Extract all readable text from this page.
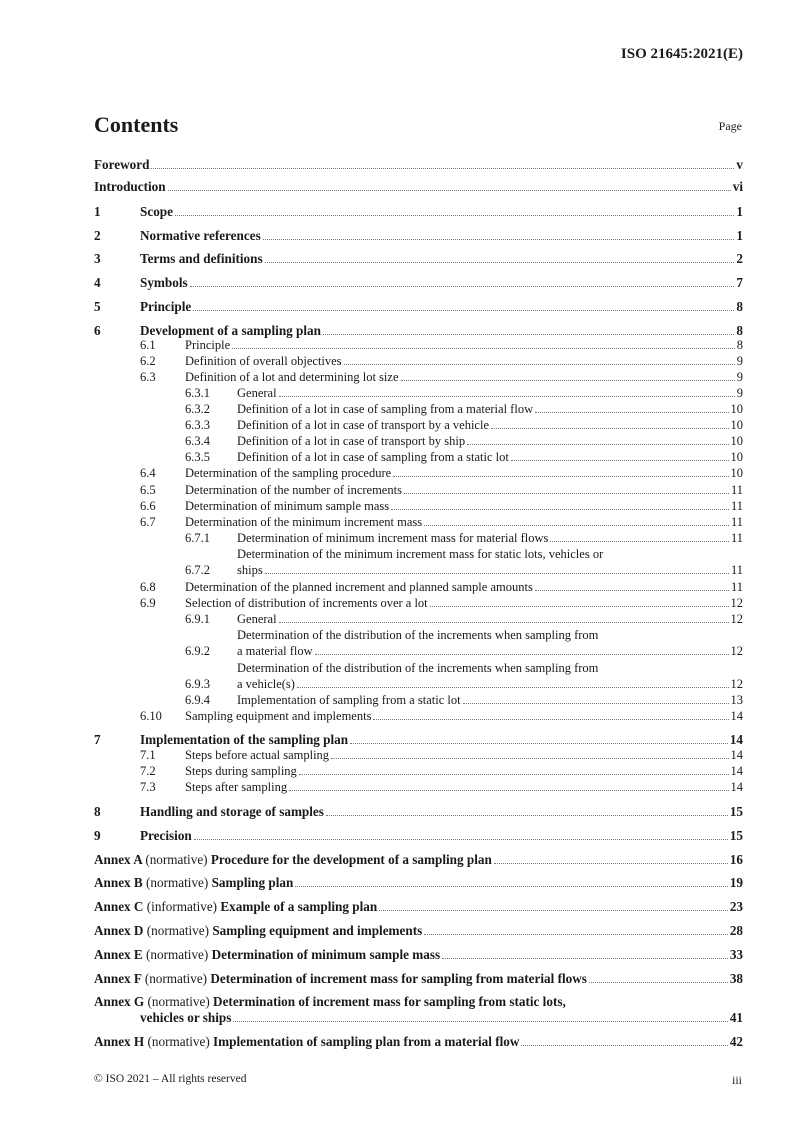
ISO 21645:2021(E)
Contents	Page
Foreword	v
Introduction	vi
1	Scope	1
2	Normative references	1
3	Terms and definitions	2
4	Symbols	7
5	Principle	8
6	Development of a sampling plan	8
6.1 Principle	8
6.2 Definition of overall objectives	9
6.3 Definition of a lot and determining lot size	9
6.3.1 General	9
6.3.2 Definition of a lot in case of sampling from a material flow	10
6.3.3 Definition of a lot in case of transport by a vehicle	10
6.3.4 Definition of a lot in case of transport by ship	10
6.3.5 Definition of a lot in case of sampling from a static lot	10
6.4 Determination of the sampling procedure	10
6.5 Determination of the number of increments	11
6.6 Determination of minimum sample mass	11
6.7 Determination of the minimum increment mass	11
6.7.1 Determination of minimum increment mass for material flows	11
6.7.2
Determination of the minimum increment mass for static lots, vehicles or
ships	11
6.8 Determination of the planned increment and planned sample amounts	11
6.9 Selection of distribution of increments over a lot	12
6.9.1 General	12
6.9.2
Determination of the distribution of the increments when sampling from
a material flow	12
6.9.3
Determination of the distribution of the increments when sampling from
a vehicle(s)	12
6.9.4 Implementation of sampling from a static lot	13
6.10 Sampling equipment and implements	14
7	Implementation of the sampling plan	14
7.1 Steps before actual sampling	14
7.2 Steps during sampling	14
7.3 Steps after sampling	14
8	Handling and storage of samples	15
9	Precision	15
Annex A (normative) Procedure for the development of a sampling plan	16
Annex B (normative) Sampling plan	19
Annex C (informative) Example of a sampling plan	23
Annex D (normative) Sampling equipment and implements	28
Annex E (normative) Determination of minimum sample mass	33
Annex F (normative) Determination of increment mass for sampling from material flows	38
Annex G (normative) Determination of increment mass for sampling from static lots,
vehicles or ships	41
Annex H (normative) Implementation of sampling plan from a material flow	42
© ISO 2021 – All rights reserved	iii
